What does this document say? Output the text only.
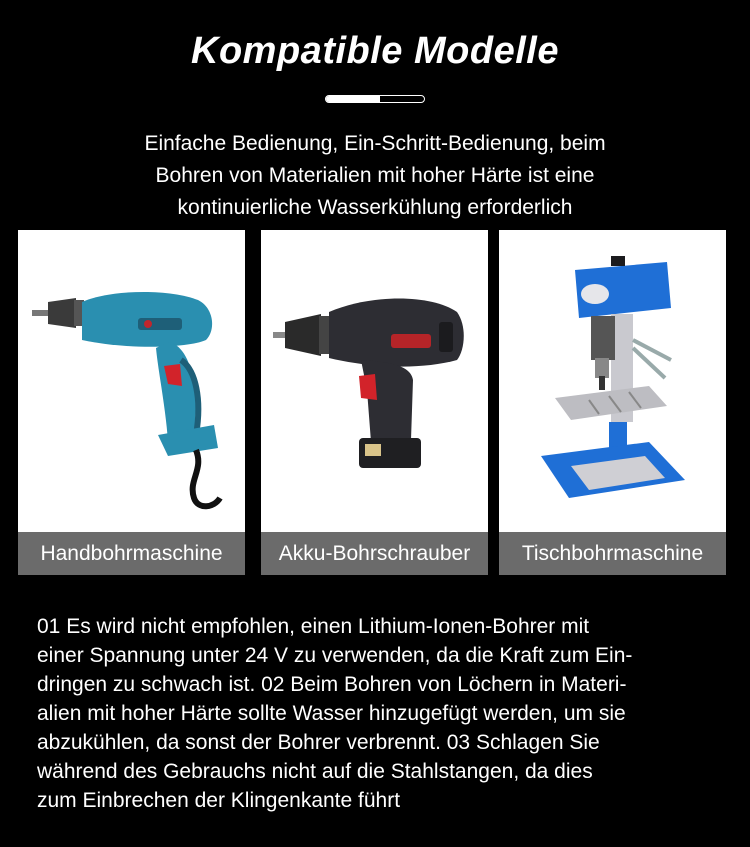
Kompatible Modelle
Einfache Bedienung, Ein-Schritt-Bedienung, beim
Bohren von Materialien mit hoher Härte ist eine
kontinuierliche Wasserkühlung erforderlich
Handbohrmaschine	Akku-Bohrschrauber	Tischbohrmaschine
01 Es wird nicht empfohlen, einen Lithium-Ionen-Bohrer mit
einer Spannung unter 24 V zu verwenden, da die Kraft zum Ein-
dringen zu schwach ist. 02 Beim Bohren von Löchern in Materi-
alien mit hoher Härte sollte Wasser hinzugefügt werden, um sie
abzukühlen, da sonst der Bohrer verbrennt. 03 Schlagen Sie
während des Gebrauchs nicht auf die Stahlstangen, da dies
zum Einbrechen der Klingenkante führt
